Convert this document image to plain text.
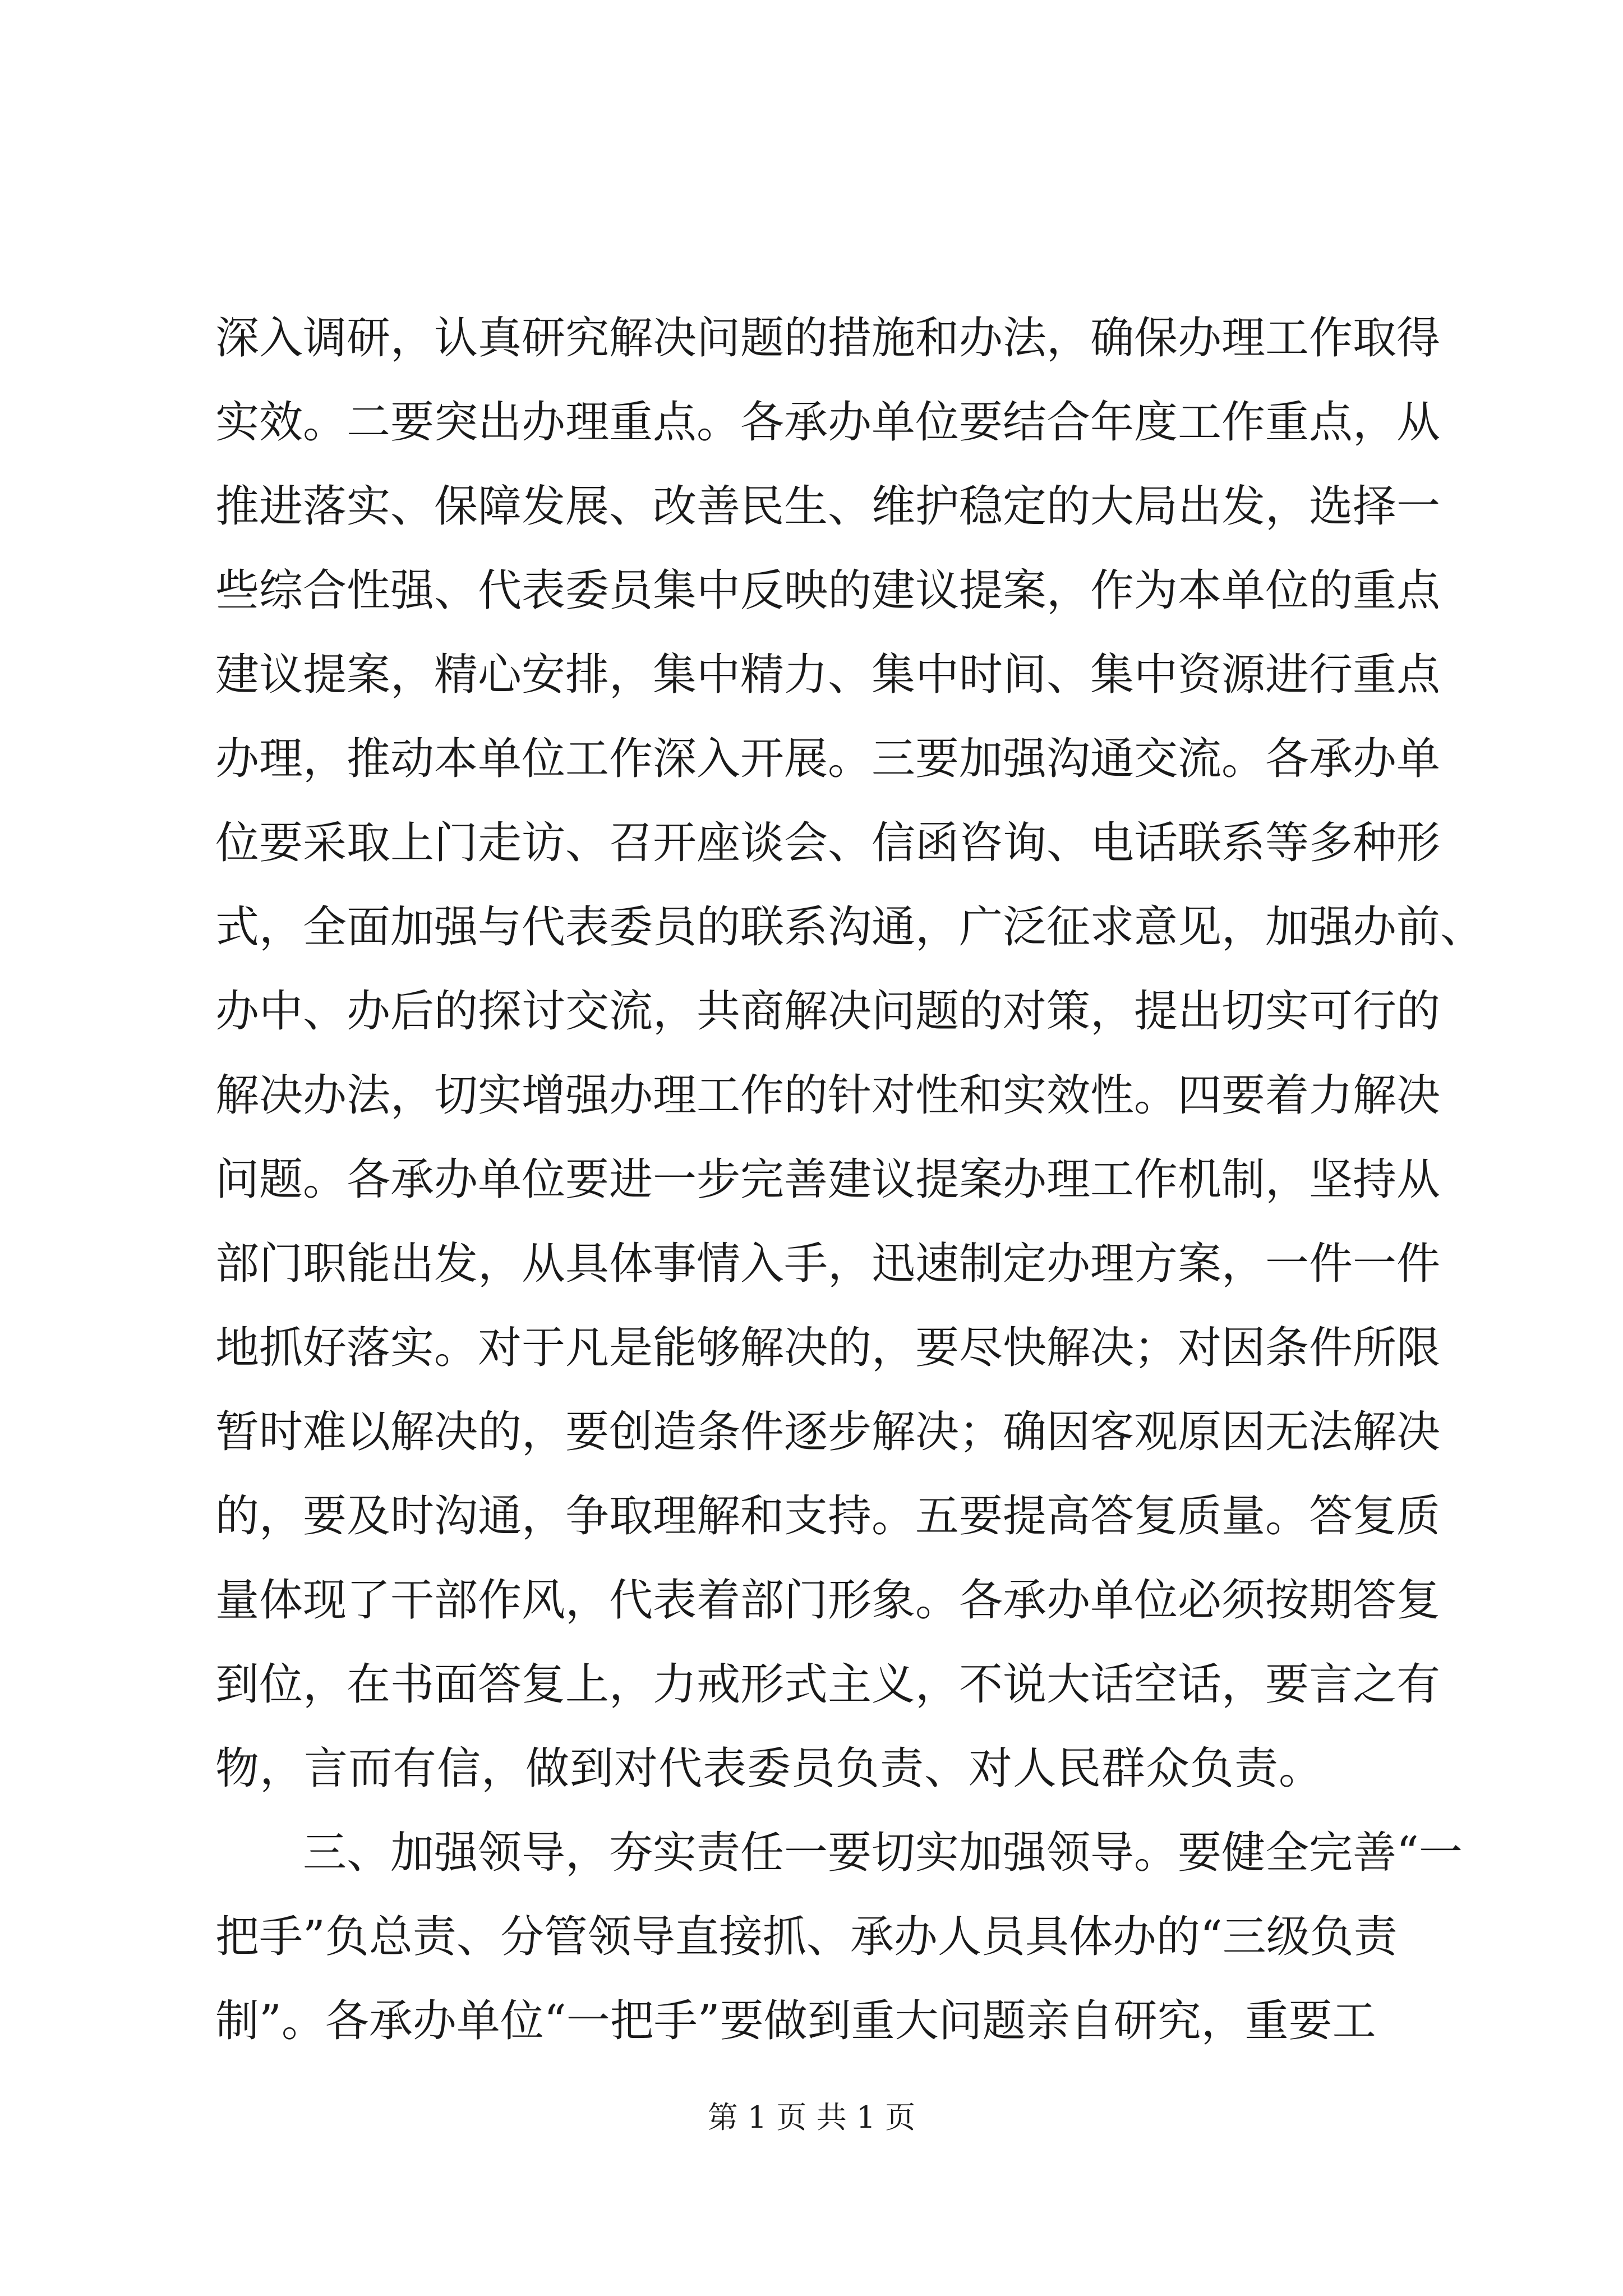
深入调研，认真研究解决问题的措施和办法，确保办理工作取得
实效。二要突出办理重点。各承办单位要结合年度工作重点，从
推进落实、保障发展、改善民生、维护稳定的大局出发，选择一
些综合性强、代表委员集中反映的建议提案，作为本单位的重点
建议提案，精心安排，集中精力、集中时间、集中资源进行重点
办理，推动本单位工作深入开展。三要加强沟通交流。各承办单
位要采取上门走访、召开座谈会、信函咨询、电话联系等多种形
式，全面加强与代表委员的联系沟通，广泛征求意见，加强办前、
办中、办后的探讨交流，共商解决问题的对策，提出切实可行的
解决办法，切实增强办理工作的针对性和实效性。四要着力解决
问题。各承办单位要进一步完善建议提案办理工作机制，坚持从
部门职能出发，从具体事情入手，迅速制定办理方案，一件一件
地抓好落实。对于凡是能够解决的，要尽快解决；对因条件所限
暂时难以解决的，要创造条件逐步解决；确因客观原因无法解决
的，要及时沟通，争取理解和支持。五要提高答复质量。答复质
量体现了干部作风，代表着部门形象。各承办单位必须按期答复
到位，在书面答复上，力戒形式主义，不说大话空话，要言之有
物，言而有信，做到对代表委员负责、对人民群众负责。
三、加强领导，夯实责任一要切实加强领导。要健全完善“一
把手”负总责、分管领导直接抓、承办人员具体办的“三级负责
制”。各承办单位“一把手”要做到重大问题亲自研究，重要工
第 1 页 共 1 页
